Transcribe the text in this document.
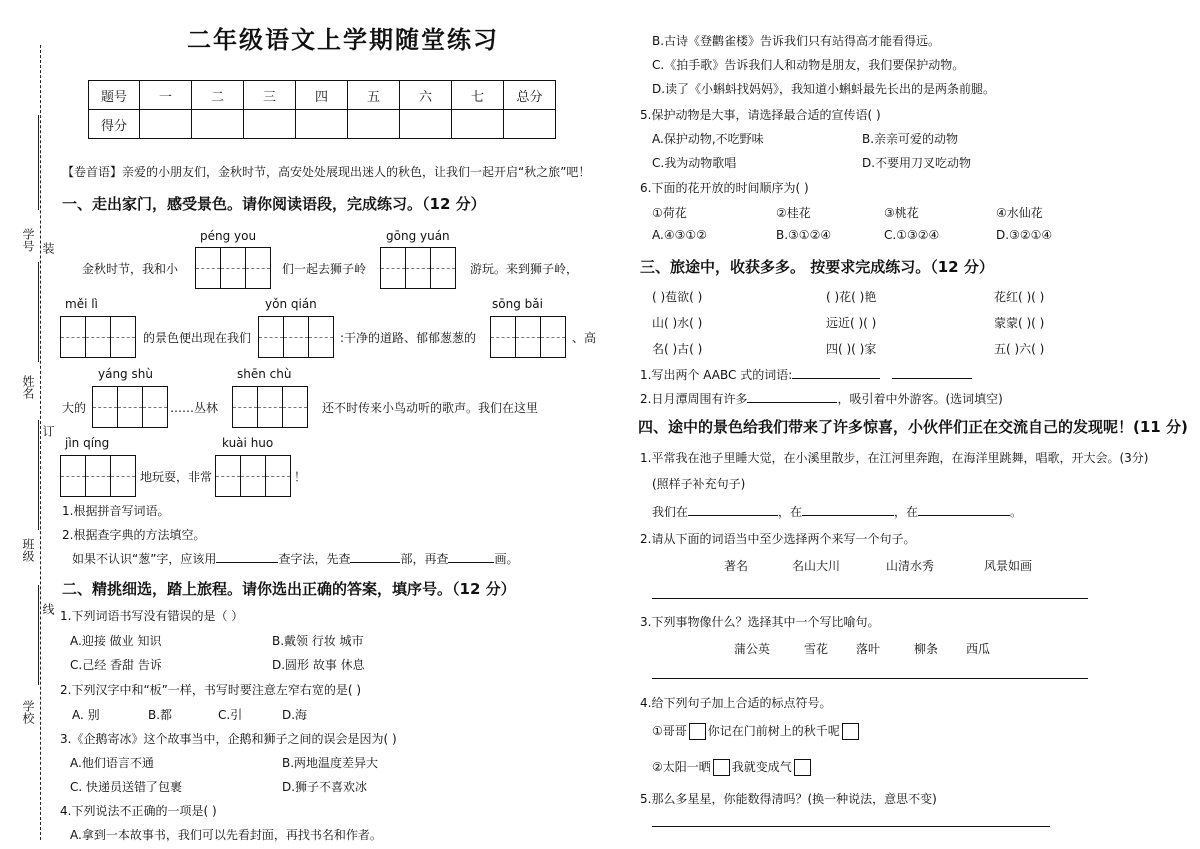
学号 装
姓名
订
班级
线
学校
二年级语文上学期随堂练习
题号	一	二	三	四	五	六	七	总分
得分								
【卷首语】亲爱的小朋友们，金秋时节，高安处处展现出迷人的秋色，让我们一起开启“秋之旅”吧！
一、走出家门，感受景色。请你阅读语段，完成练习。（12 分）
péng you	gōng yuán
měi lì	yǒn qián	sōng bǎi
yáng shù	shēn chù
jìn qíng	kuài huo
金秋时节，我和小	们一起去狮子岭	游玩。来到狮子岭，
的景色便出现在我们	:干净的道路、郁郁葱葱的	、高
大的	……丛林	还不时传来小鸟动听的歌声。我们在这里
地玩耍，非常	！
1.根据拼音写词语。
2.根据查字典的方法填空。
如果不认识“葱”字，应该用	查字法，先查	部，再查	画。
二、精挑细选，踏上旅程。请你选出正确的答案，填序号。（12 分）
1.下列词语书写没有错误的是（ ）
A.迎接 做业 知识	B.戴领 行妆 城市
C.己经 香甜 告诉	D.圆形 故事 休息
2.下列汉字中和“板”一样，书写时要注意左窄右宽的是( )
A. 别	B.都	C.引	D.海
3.《企鹅寄冰》这个故事当中，企鹅和狮子之间的误会是因为( )
A.他们语言不通	B.两地温度差异大
C. 快递员送错了包裹	D.狮子不喜欢冰
4.下列说法不正确的一项是( )
A.拿到一本故事书，我们可以先看封面，再找书名和作者。
B.古诗《登鹳雀楼》告诉我们只有站得高才能看得远。
C.《拍手歌》告诉我们人和动物是朋友，我们要保护动物。
D.读了《小蝌蚪找妈妈》，我知道小蝌蚪最先长出的是两条前腿。
5.保护动物是大事，请选择最合适的宣传语( )
A.保护动物,不吃野味	B.亲亲可爱的动物
C.我为动物歌唱	D.不要用刀叉吃动物
6.下面的花开放的时间顺序为( )
①荷花	②桂花	③桃花	④水仙花
A.④③①②	B.③①②④	C.①③②④	D.③②①④
三、旅途中，收获多多。 按要求完成练习。（12 分）
( )苞欲( )	( )花( )艳	花红( )( )
山( )水( )	远近( )( )	蒙蒙( )( )
名( )古( )	四( )( )家	五( )六( )
1.写出两个 AABC 式的词语:
2.日月潭周围有许多	，吸引着中外游客。(选词填空)
四、途中的景色给我们带来了许多惊喜，小伙伴们正在交流自己的发现呢！(11 分)
1.平常我在池子里睡大觉，在小溪里散步，在江河里奔跑，在海洋里跳舞，唱歌，开大会。(3分)
(照样子补充句子)
我们在	，在	，在	。
2.请从下面的词语当中至少选择两个来写一个句子。
著名	名山大川	山清水秀	风景如画
3.下列事物像什么？选择其中一个写比喻句。
蒲公英	雪花 落叶	柳条 西瓜
4.给下列句子加上合适的标点符号。
①哥哥 你记在门前树上的秋千呢
②太阳一晒 我就变成气
5.那么多星星，你能数得清吗？(换一种说法，意思不变)
